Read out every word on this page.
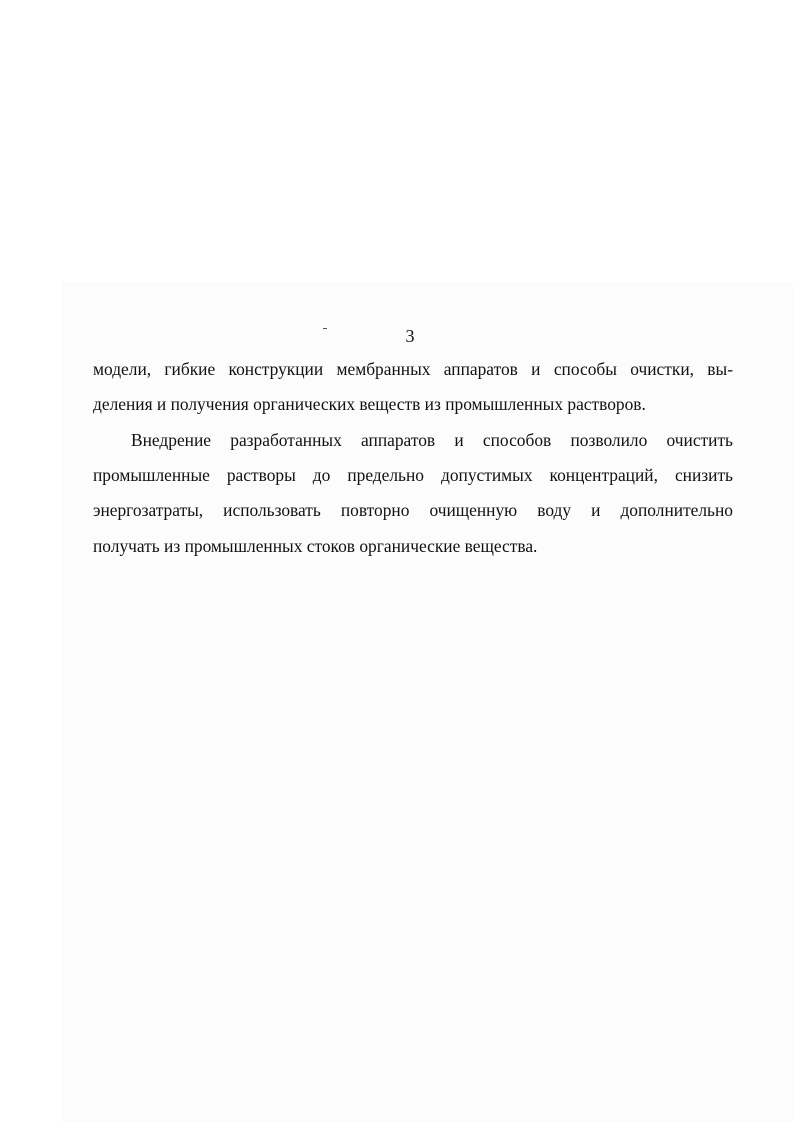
3
модели, гибкие конструкции мембранных аппаратов и способы очистки, вы-
деления и получения органических веществ из промышленных растворов.
Внедрение разработанных аппаратов и способов позволило очистить
промышленные растворы до предельно допустимых концентраций, снизить
энергозатраты, использовать повторно очищенную воду и дополнительно
получать из промышленных стоков органические вещества.
